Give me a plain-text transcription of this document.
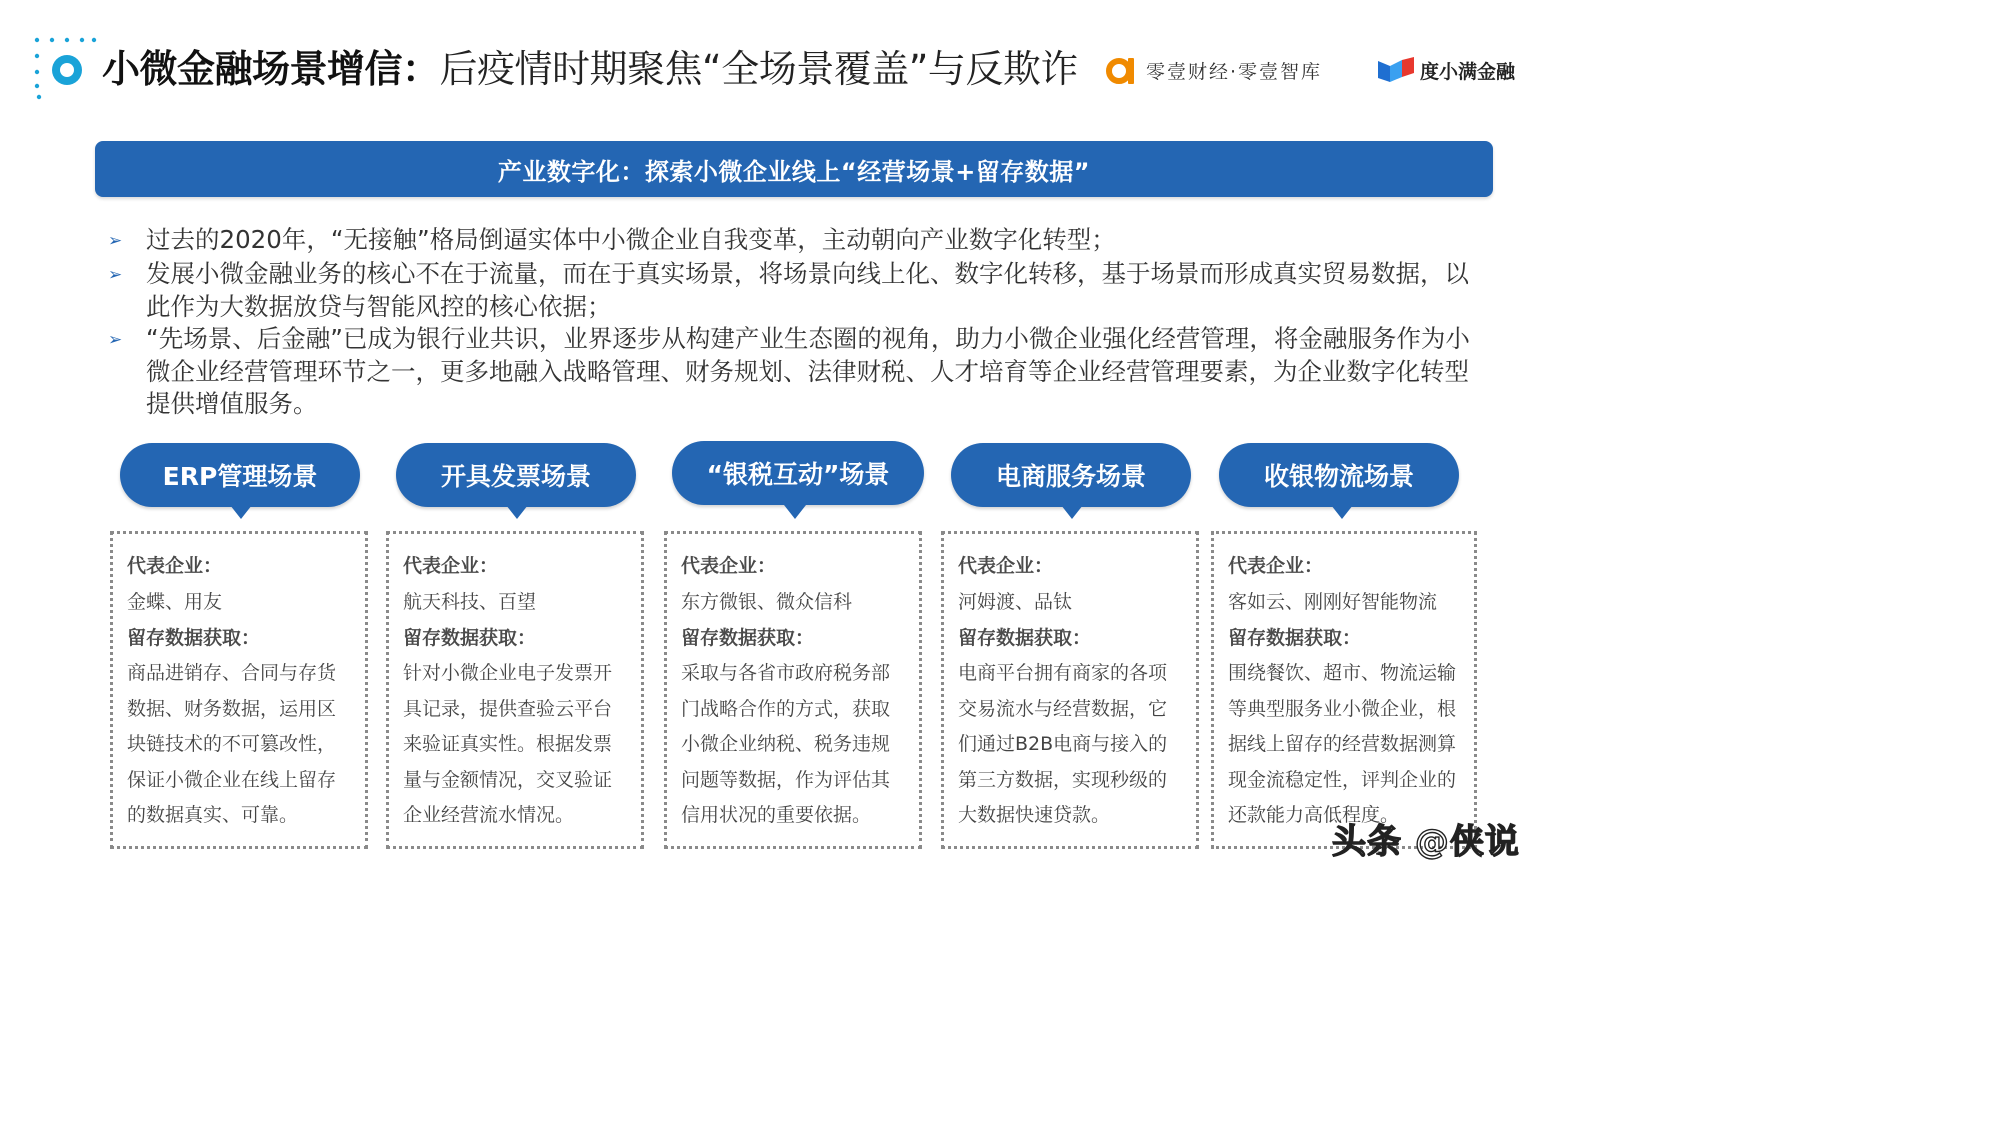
小微金融场景增信：后疫情时期聚焦“全场景覆盖”与反欺诈	零壹财经·零壹智库	度小满金融
产业数字化：探索小微企业线上“经营场景+留存数据”
➢ 过去的2020年，“无接触”格局倒逼实体中小微企业自我变革，主动朝向产业数字化转型；
➢ 发展小微金融业务的核心不在于流量，而在于真实场景，将场景向线上化、数字化转移，基于场景而形成真实贸易数据，以此作为大数据放贷与智能风控的核心依据；
➢ “先场景、后金融”已成为银行业共识，业界逐步从构建产业生态圈的视角，助力小微企业强化经营管理，将金融服务作为小微企业经营管理环节之一，更多地融入战略管理、财务规划、法律财税、人才培育等企业经营管理要素，为企业数字化转型提供增值服务。
ERP管理场景
代表企业：
金蝶、用友
留存数据获取：
商品进销存、合同与存货数据、财务数据，运用区块链技术的不可篡改性，保证小微企业在线上留存的数据真实、可靠。
开具发票场景
代表企业：
航天科技、百望
留存数据获取：
针对小微企业电子发票开具记录，提供查验云平台来验证真实性。根据发票量与金额情况，交叉验证企业经营流水情况。
“银税互动”场景
代表企业：
东方微银、微众信科
留存数据获取：
采取与各省市政府税务部门战略合作的方式，获取小微企业纳税、税务违规问题等数据，作为评估其信用状况的重要依据。
电商服务场景
代表企业：
河姆渡、品钛
留存数据获取：
电商平台拥有商家的各项交易流水与经营数据，它们通过B2B电商与接入的第三方数据，实现秒级的大数据快速贷款。
收银物流场景
代表企业：
客如云、刚刚好智能物流
留存数据获取：
围绕餐饮、超市、物流运输等典型服务业小微企业，根据线上留存的经营数据测算现金流稳定性，评判企业的还款能力高低程度。
头条 @侠说
